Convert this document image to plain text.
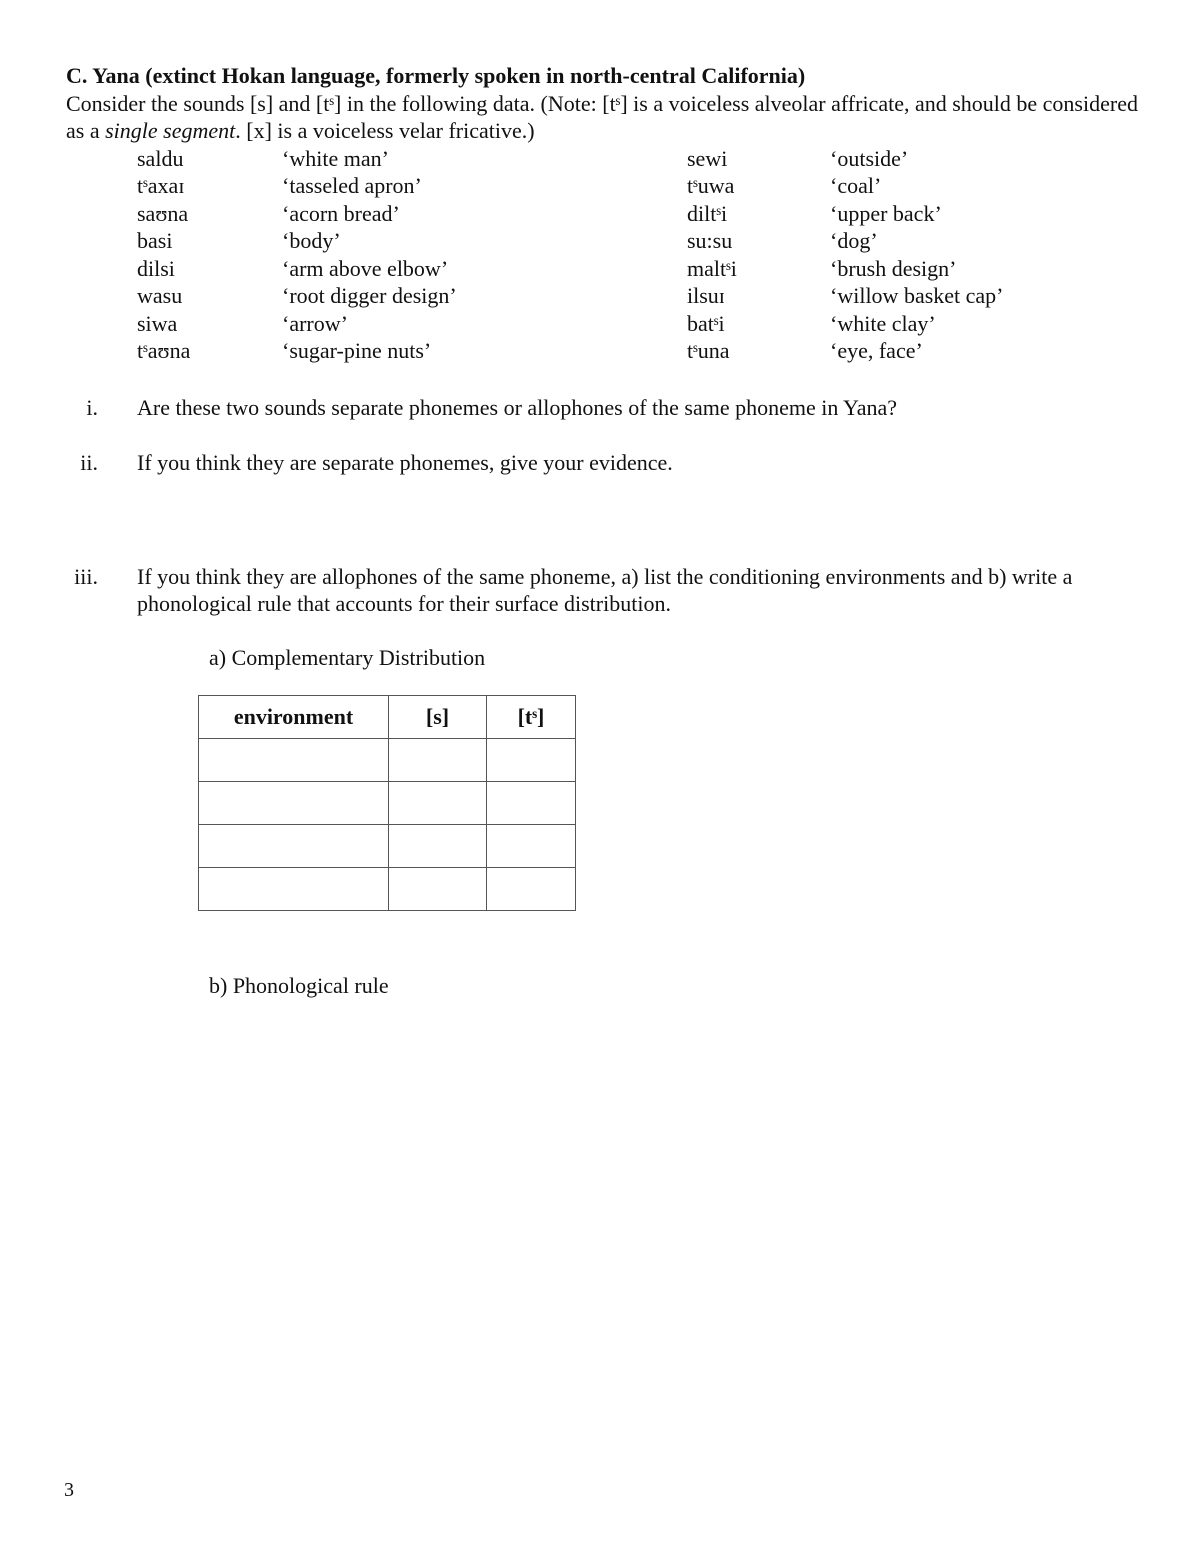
C. Yana (extinct Hokan language, formerly spoken in north-central California)
Consider the sounds [s] and [tˢ] in the following data. (Note: [tˢ] is a voiceless alveolar affricate, and should be considered as a single segment. [x] is a voiceless velar fricative.)
saldu	‘white man’
tˢaxaɪ	‘tasseled apron’
saʊna	‘acorn bread’
basi	‘body’
dilsi	‘arm above elbow’
wasu	‘root digger design’
siwa	‘arrow’
tˢaʊna	‘sugar-pine nuts’
sewi	‘outside’
tˢuwa	‘coal’
diltˢi	‘upper back’
su:su	‘dog’
maltˢi	‘brush design’
ilsuɪ	‘willow basket cap’
batˢi	‘white clay’
tˢuna	‘eye, face’
i. Are these two sounds separate phonemes or allophones of the same phoneme in Yana?
ii. If you think they are separate phonemes, give your evidence.
iii. If you think they are allophones of the same phoneme, a) list the conditioning environments and b) write a phonological rule that accounts for their surface distribution.
a) Complementary Distribution
environment	[s]	[tˢ]

b) Phonological rule
3
